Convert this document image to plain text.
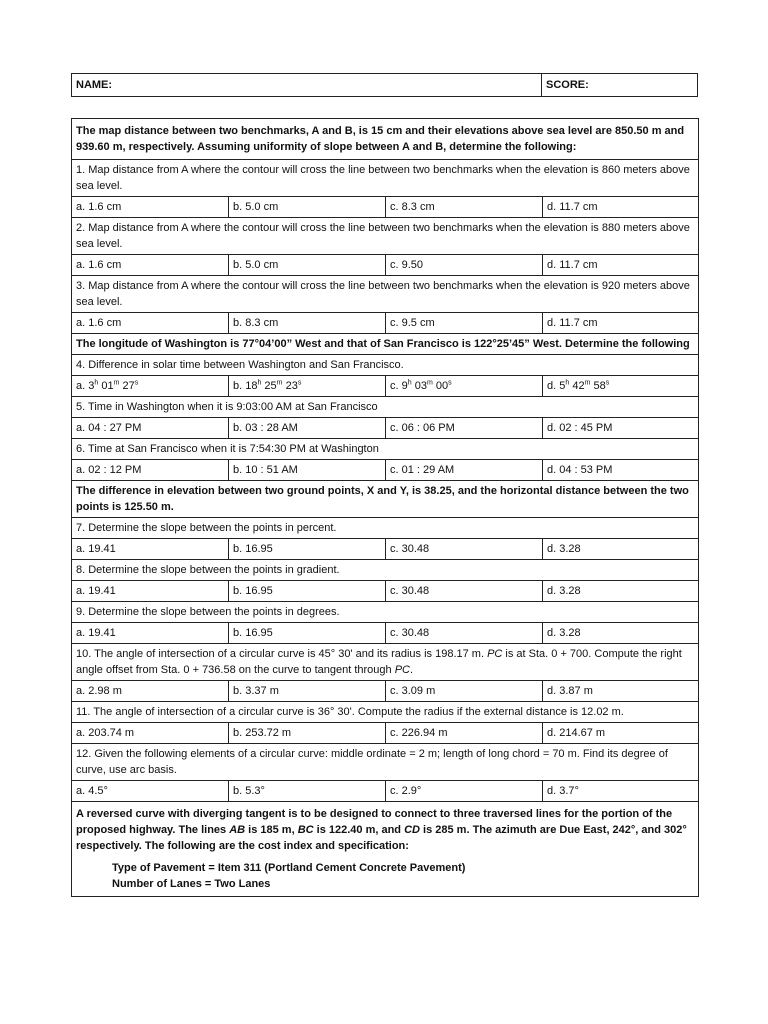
NAME:	SCORE:
The map distance between two benchmarks, A and B, is 15 cm and their elevations above sea level are 850.50 m and 939.60 m, respectively. Assuming uniformity of slope between A and B, determine the following:			
1. Map distance from A where the contour will cross the line between two benchmarks when the elevation is 860 meters above sea level.			
a. 1.6 cm	b. 5.0 cm	c. 8.3 cm	d. 11.7 cm
2. Map distance from A where the contour will cross the line between two benchmarks when the elevation is 880 meters above sea level.			
a. 1.6 cm	b. 5.0 cm	c. 9.50	d. 11.7 cm
3. Map distance from A where the contour will cross the line between two benchmarks when the elevation is 920 meters above sea level.			
a. 1.6 cm	b. 8.3 cm	c. 9.5 cm	d. 11.7 cm
The longitude of Washington is 77°04’00” West and that of San Francisco is 122°25’45” West. Determine the following			
4. Difference in solar time between Washington and San Francisco.			
a. 3$^h$ 01$^m$ 27$^s$	b. 18$^h$ 25$^m$ 23$^s$	c. 9$^h$ 03$^m$ 00$^s$	d. 5$^h$ 42$^m$ 58$^s$
5. Time in Washington when it is 9:03:00 AM at San Francisco			
a. 04 : 27 PM	b. 03 : 28 AM	c. 06 : 06 PM	d. 02 : 45 PM
6. Time at San Francisco when it is 7:54:30 PM at Washington			
a. 02 : 12 PM	b. 10 : 51 AM	c. 01 : 29 AM	d. 04 : 53 PM
The difference in elevation between two ground points, X and Y, is 38.25, and the horizontal distance between the two points is 125.50 m.			
7. Determine the slope between the points in percent.			
a. 19.41	b. 16.95	c. 30.48	d. 3.28
8. Determine the slope between the points in gradient.			
a. 19.41	b. 16.95	c. 30.48	d. 3.28
9. Determine the slope between the points in degrees.			
a. 19.41	b. 16.95	c. 30.48	d. 3.28
10. The angle of intersection of a circular curve is 45° 30' and its radius is 198.17 m. PC is at Sta. 0 + 700. Compute the right angle offset from Sta. 0 + 736.58 on the curve to tangent through PC.			
a. 2.98 m	b. 3.37 m	c. 3.09 m	d. 3.87 m
11. The angle of intersection of a circular curve is 36° 30'. Compute the radius if the external distance is 12.02 m.			
a. 203.74 m	b. 253.72 m	c. 226.94 m	d. 214.67 m
12. Given the following elements of a circular curve: middle ordinate = 2 m; length of long chord = 70 m. Find its degree of curve, use arc basis.			
a. 4.5°	b. 5.3°	c. 2.9°	d. 3.7°
A reversed curve with diverging tangent is to be designed to connect to three traversed lines for the portion of the proposed highway. The lines AB is 185 m, BC is 122.40 m, and CD is 285 m. The azimuth are Due East, 242°, and 302° respectively. The following are the cost index and specification:
Type of Pavement = Item 311 (Portland Cement Concrete Pavement)
Number of Lanes = Two Lanes			
